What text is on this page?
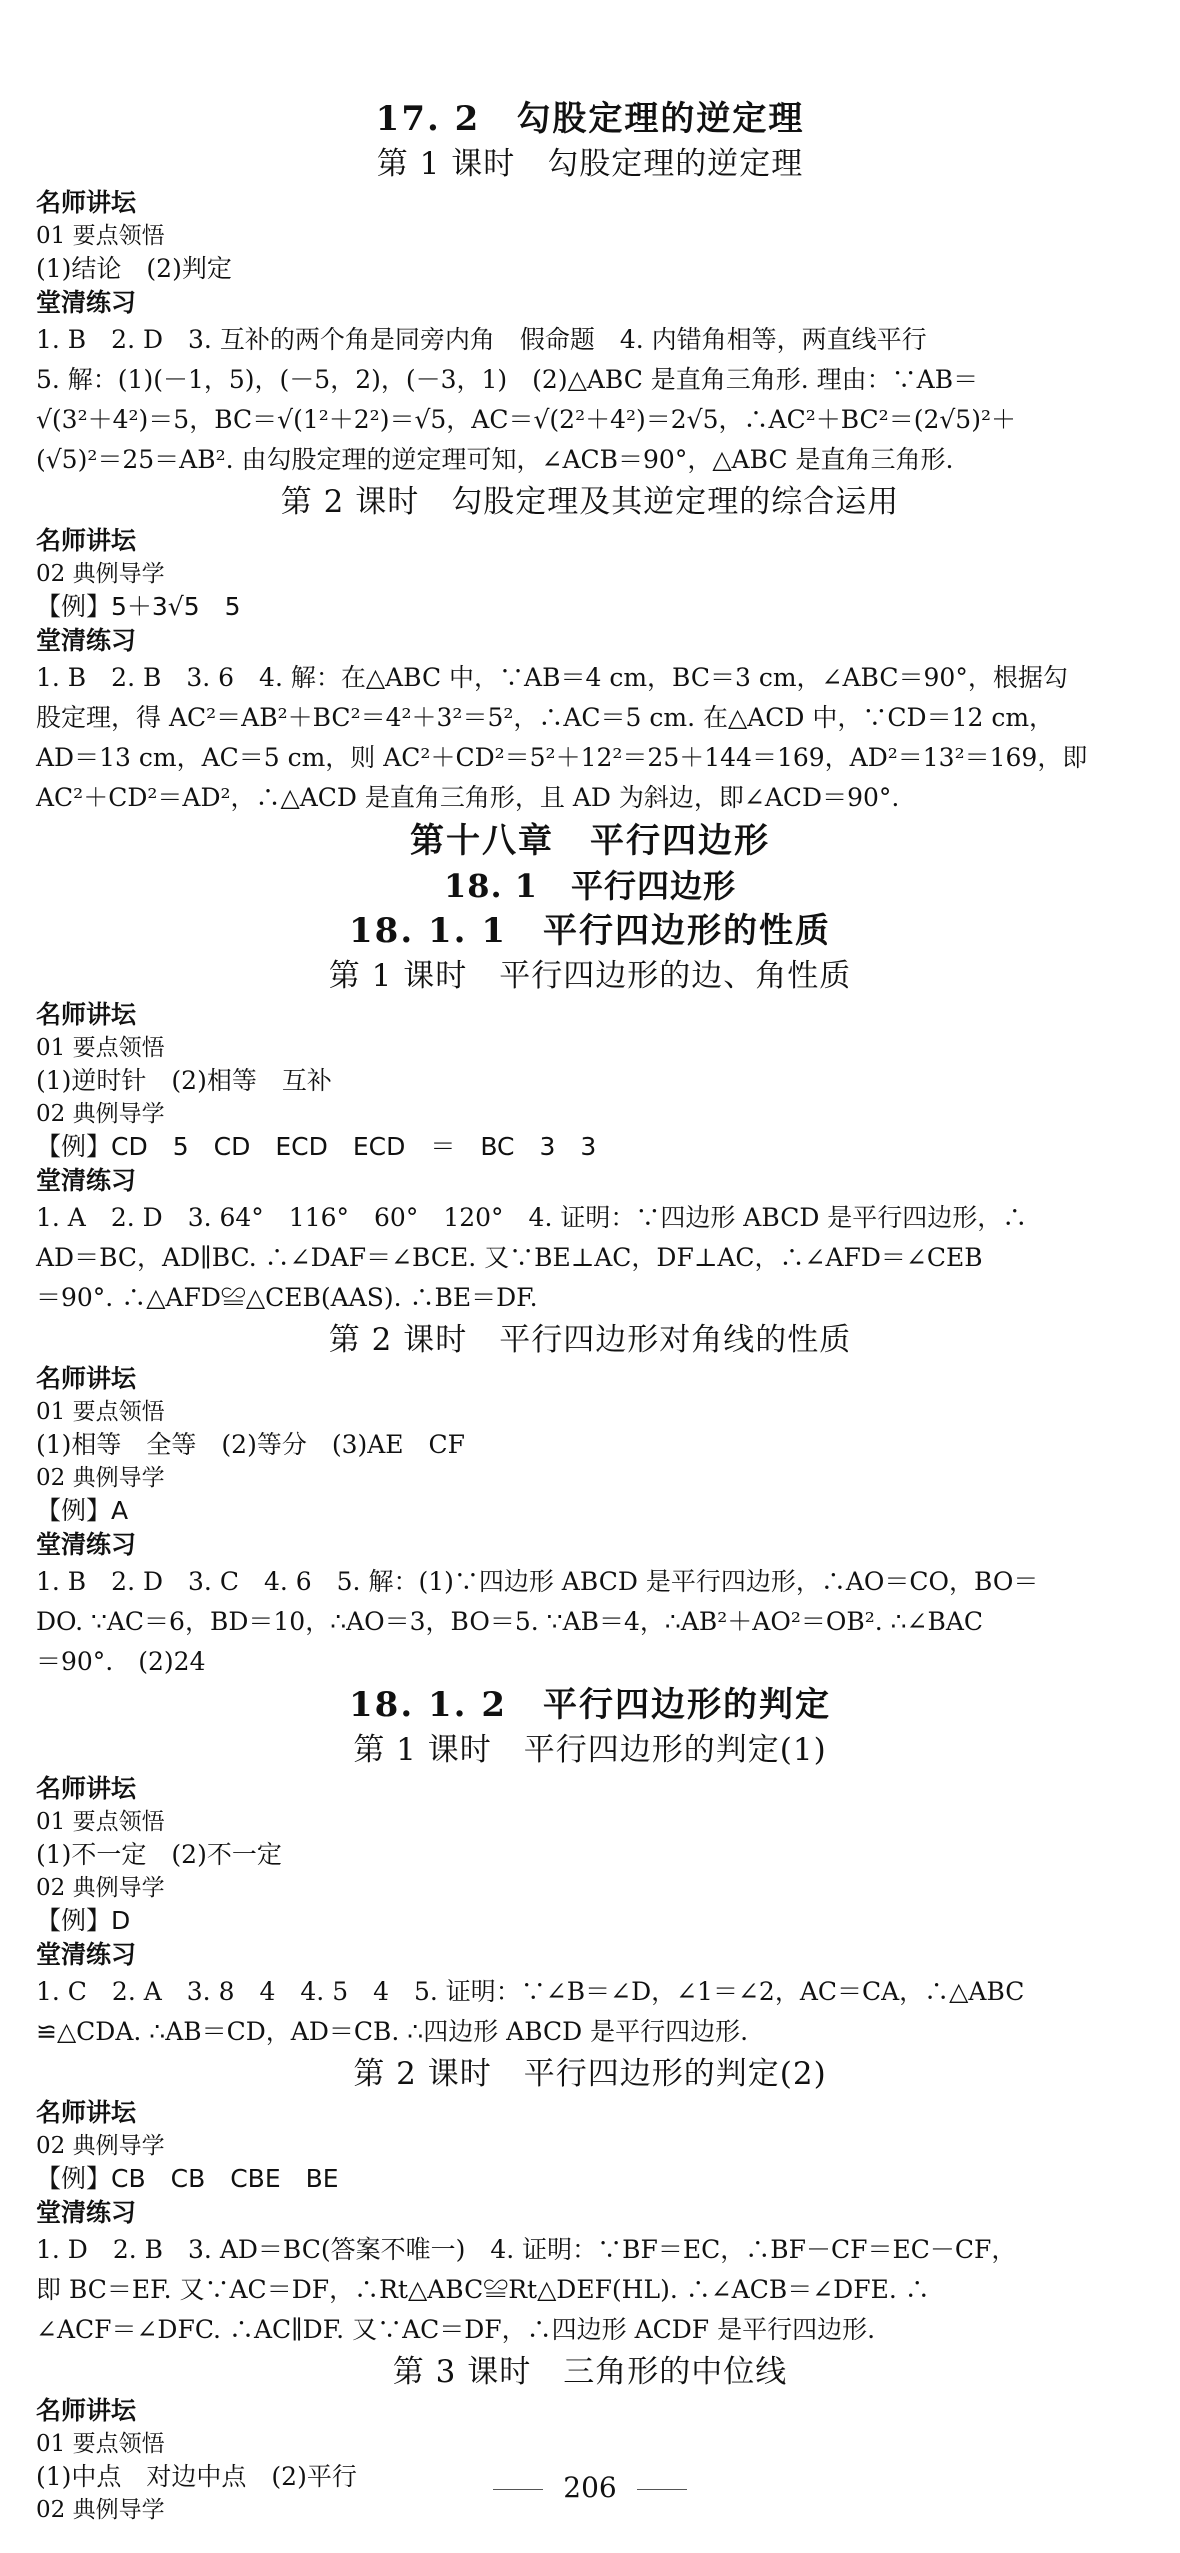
17. 2　勾股定理的逆定理
第 1 课时　勾股定理的逆定理
名师讲坛
01 要点领悟
(1)结论　(2)判定
堂清练习
1. B　2. D　3. 互补的两个角是同旁内角　假命题　4. 内错角相等，两直线平行
5. 解：(1)(－1，5)，(－5，2)，(－3，1)　(2)△ABC 是直角三角形. 理由：∵AB＝
√(3²＋4²)＝5，BC＝√(1²＋2²)＝√5，AC＝√(2²＋4²)＝2√5，∴AC²＋BC²＝(2√5)²＋
(√5)²＝25＝AB². 由勾股定理的逆定理可知，∠ACB＝90°，△ABC 是直角三角形.
第 2 课时　勾股定理及其逆定理的综合运用
名师讲坛
02 典例导学
【例】5＋3√5　5
堂清练习
1. B　2. B　3. 6　4. 解：在△ABC 中，∵AB＝4 cm，BC＝3 cm，∠ABC＝90°，根据勾
股定理，得 AC²＝AB²＋BC²＝4²＋3²＝5²，∴AC＝5 cm. 在△ACD 中，∵CD＝12 cm，
AD＝13 cm，AC＝5 cm，则 AC²＋CD²＝5²＋12²＝25＋144＝169，AD²＝13²＝169，即
AC²＋CD²＝AD²，∴△ACD 是直角三角形，且 AD 为斜边，即∠ACD＝90°.
第十八章　平行四边形
18. 1　平行四边形
18. 1. 1　平行四边形的性质
第 1 课时　平行四边形的边、角性质
名师讲坛
01 要点领悟
(1)逆时针　(2)相等　互补
02 典例导学
【例】CD　5　CD　ECD　ECD　＝　BC　3　3
堂清练习
1. A　2. D　3. 64°　116°　60°　120°　4. 证明：∵四边形 ABCD 是平行四边形，∴
AD＝BC，AD∥BC. ∴∠DAF＝∠BCE. 又∵BE⊥AC，DF⊥AC，∴∠AFD＝∠CEB
＝90°. ∴△AFD≌△CEB(AAS). ∴BE＝DF.
第 2 课时　平行四边形对角线的性质
名师讲坛
01 要点领悟
(1)相等　全等　(2)等分　(3)AE　CF
02 典例导学
【例】A
堂清练习
1. B　2. D　3. C　4. 6　5. 解：(1)∵四边形 ABCD 是平行四边形，∴AO＝CO，BO＝
DO. ∵AC＝6，BD＝10，∴AO＝3，BO＝5. ∵AB＝4，∴AB²＋AO²＝OB². ∴∠BAC
＝90°.　(2)24
18. 1. 2　平行四边形的判定
第 1 课时　平行四边形的判定(1)
名师讲坛
01 要点领悟
(1)不一定　(2)不一定
02 典例导学
【例】D
堂清练习
1. C　2. A　3. 8　4　4. 5　4　5. 证明：∵∠B＝∠D，∠1＝∠2，AC＝CA，∴△ABC
≌△CDA. ∴AB＝CD，AD＝CB. ∴四边形 ABCD 是平行四边形.
第 2 课时　平行四边形的判定(2)
名师讲坛
02 典例导学
【例】CB　CB　CBE　BE
堂清练习
1. D　2. B　3. AD＝BC(答案不唯一)　4. 证明：∵BF＝EC，∴BF－CF＝EC－CF，
即 BC＝EF. 又∵AC＝DF，∴Rt△ABC≌Rt△DEF(HL). ∴∠ACB＝∠DFE. ∴
∠ACF＝∠DFC. ∴AC∥DF. 又∵AC＝DF，∴四边形 ACDF 是平行四边形.
第 3 课时　三角形的中位线
名师讲坛
01 要点领悟
(1)中点　对边中点　(2)平行
02 典例导学
206
